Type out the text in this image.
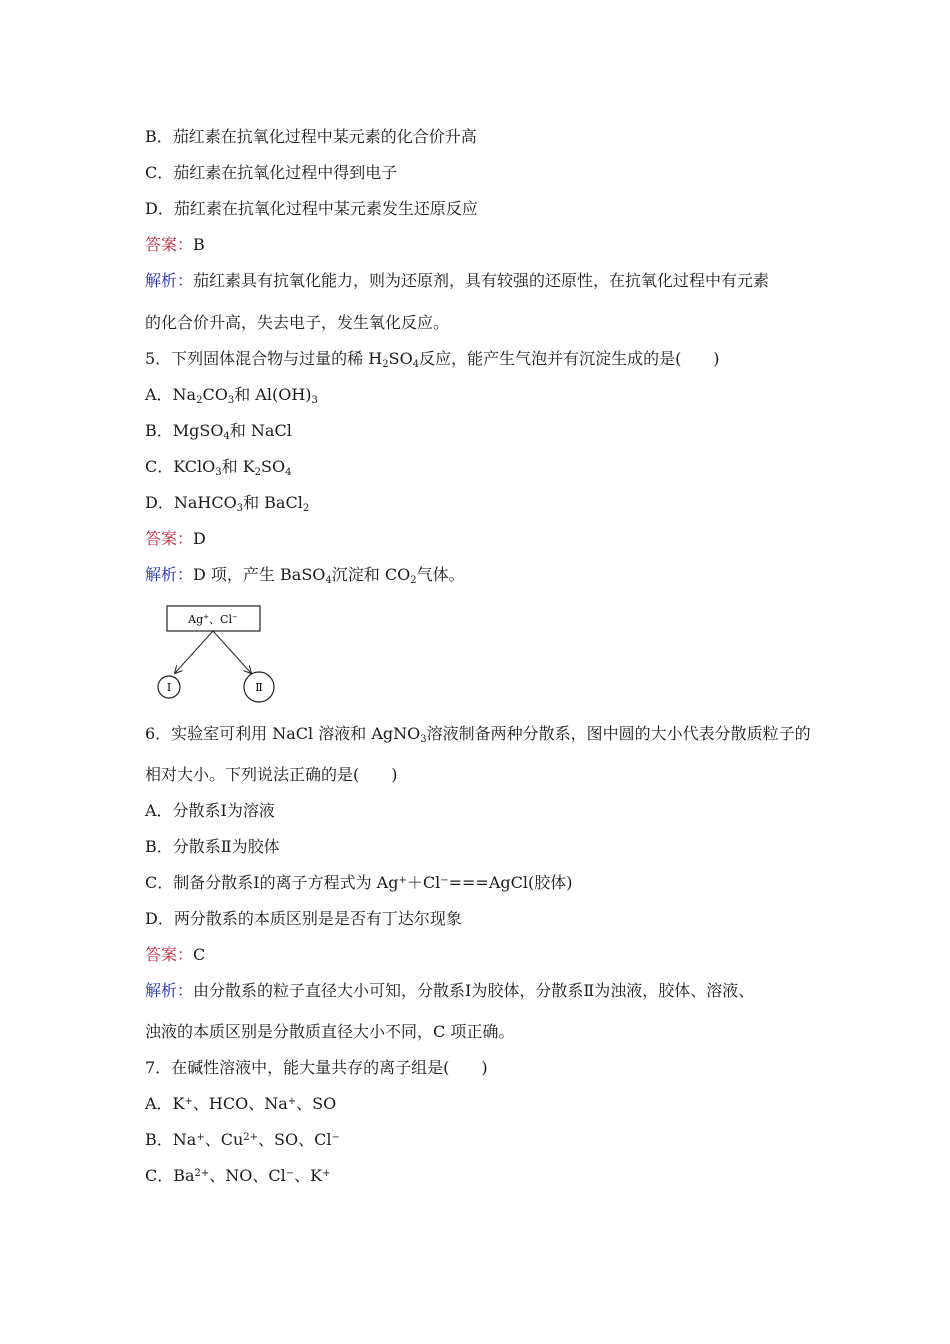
B．茄红素在抗氧化过程中某元素的化合价升高
C．茄红素在抗氧化过程中得到电子
D．茄红素在抗氧化过程中某元素发生还原反应
答案：B
解析：茄红素具有抗氧化能力，则为还原剂，具有较强的还原性，在抗氧化过程中有元素
的化合价升高，失去电子，发生氧化反应。
5．下列固体混合物与过量的稀 $H_2SO_4$反应，能产生气泡并有沉淀生成的是(　　)
A．$Na_2CO_3$和 $Al(OH)_3$
B．MgSO$_4$和 NaCl
C．KClO$_3$和 $K_2SO_4$
D．NaHCO$_3$和 BaCl$_2$
答案：D
解析：D 项，产生 BaSO$_4$沉淀和 $CO_2$气体。
Ag+、Cl−
Ⅰ	Ⅱ
6．实验室可利用 NaCl 溶液和 AgNO$_3$溶液制备两种分散系，图中圆的大小代表分散质粒子的
相对大小。下列说法正确的是(　　)
A．分散系Ⅰ为溶液
B．分散系Ⅱ为胶体
C．制备分散系Ⅰ的离子方程式为 Ag+＋Cl−===AgCl(胶体)
D．两分散系的本质区别是是否有丁达尔现象
答案：C
解析：由分散系的粒子直径大小可知，分散系Ⅰ为胶体，分散系Ⅱ为浊液，胶体、溶液、
浊液的本质区别是分散质直径大小不同，C 项正确。
7．在碱性溶液中，能大量共存的离子组是(　　)
A．K+、HCO、Na+、SO
B．Na+、$Cu^{2+}$、SO、Cl−
C．$Ba^{2+}$、NO、Cl−、K+
